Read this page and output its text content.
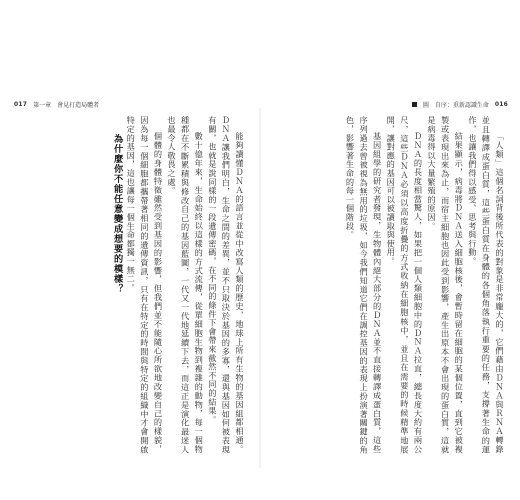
017 第一章　會見打造局體者	圖　自序：重新認識生命 016

「人類」這個名詞背後所代表的對象是非常龐大的，它們藉由ＤＮＡ與ＲＮＡ轉錄並且轉譯成蛋白質，這些蛋白質在身體的各個角落執行重要的任務，支撐著生命的運作，也讓我們得以感受、思考與行動。

結果顯示，病毒將ＤＮＡ送入細胞核後，會暫時留在細胞的某個位置，直到它被複製或表現出來為止，而宿主細胞也因此受到影響，產生出原本不會出現的蛋白質，這就是病毒得以大量繁殖的原因。

ＤＮＡ的長度相當驚人，如果把一個人類細胞中的ＤＮＡ拉直，總長度大約有兩公尺，這些ＤＮＡ必須以高度折疊的方式收納在細胞核中，並且在需要的時候精準地展開，讓對應的基因可以被讀取與使用。

基因組學的研究者發現，生物體內絕大部分的ＤＮＡ並不直接轉譯成蛋白質，這些序列過去曾被視為無用的垃圾，如今我們知道它們在調控基因的表現上扮演著關鍵的角色，影響著生命的每一個階段。

能夠讀懂ＤＮＡ的語言並從中改寫人類的歷史，地球上所有生物的基因組都相通。ＤＮＡ讓我們明白，生命之間的差異，並不只取決於基因的多寡，還與基因如何被表現有關，也就是說同樣的一段遺傳密碼，在不同的條件下會帶來截然不同的結果。

數十億年來，生命始終以這樣的方式流傳，從單細胞生物到複雜的動物，每一個物種都在不斷累積與修改自己的基因藍圖，一代又一代地延續下去，而這正是演化最迷人也最令人敬畏之處。

個體的身體特徵雖然受到基因的影響，但我們並不能隨心所欲地改變自己的樣貌，因為每一個細胞都攜帶著相同的遺傳資訊，只有在特定的時間與特定的組織中才會開啟特定的基因，這也讓每一個生命都獨一無二。

為什麼你不能任意變成想要的模樣？
